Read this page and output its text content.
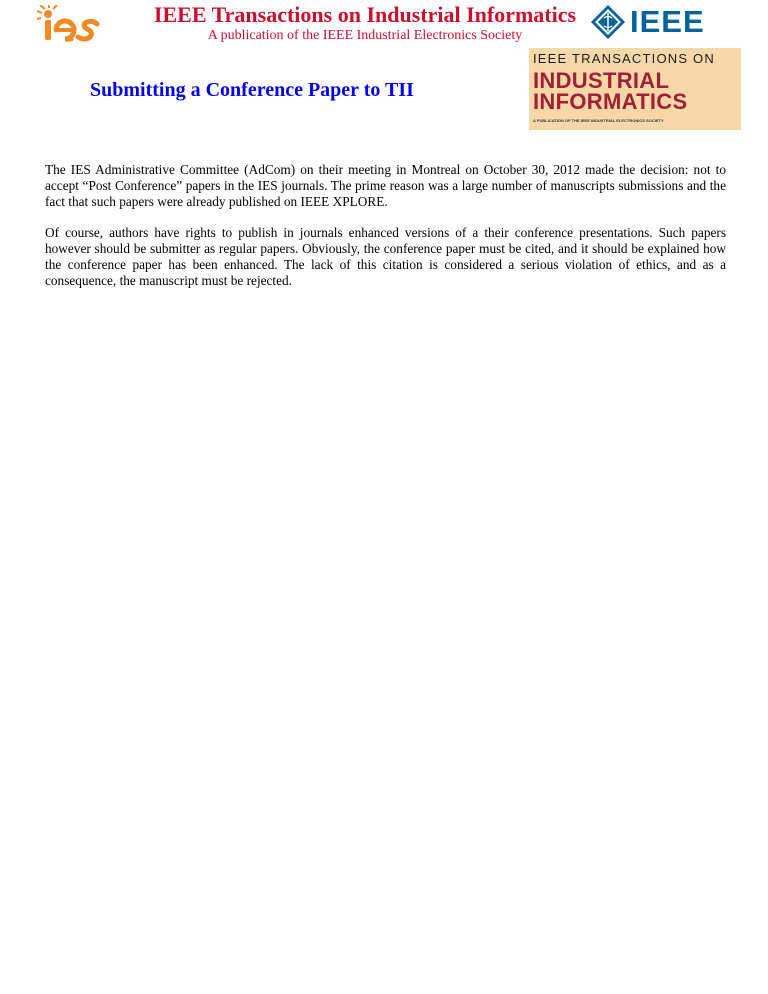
IEEE Transactions on Industrial Informatics
A publication of the IEEE Industrial Electronics Society	IEEE
IEEE TRANSACTIONS ON
INDUSTRIAL
INFORMATICS
A PUBLICATION OF THE IEEE INDUSTRIAL ELECTRONICS SOCIETY
Submitting a Conference Paper to TII

The IES Administrative Committee (AdCom) on their meeting in Montreal on October 30, 2012 made the decision: not to accept “Post Conference” papers in the IES journals. The prime reason was a large number of manuscripts submissions and the fact that such papers were already published on IEEE XPLORE.

Of course, authors have rights to publish in journals enhanced versions of a their conference presentations. Such papers however should be submitter as regular papers. Obviously, the conference paper must be cited, and it should be explained how the conference paper has been enhanced. The lack of this citation is considered a serious violation of ethics, and as a consequence, the manuscript must be rejected.
